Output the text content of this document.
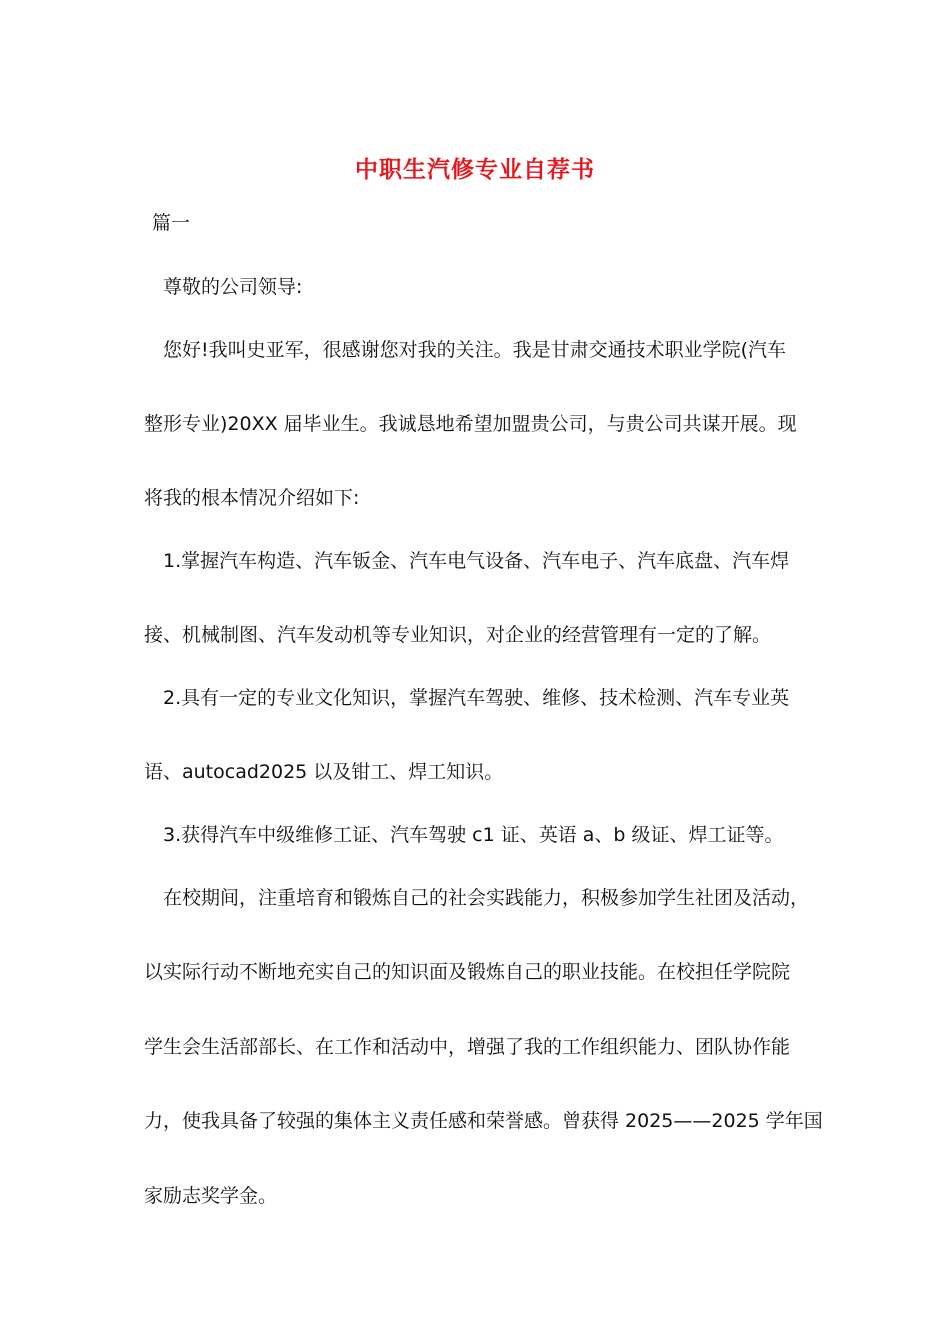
中职生汽修专业自荐书
篇一
尊敬的公司领导:
您好!我叫史亚军，很感谢您对我的关注。我是甘肃交通技术职业学院(汽车
整形专业)20XX 届毕业生。我诚恳地希望加盟贵公司，与贵公司共谋开展。现
将我的根本情况介绍如下:
1.掌握汽车构造、汽车钣金、汽车电气设备、汽车电子、汽车底盘、汽车焊
接、机械制图、汽车发动机等专业知识，对企业的经营管理有一定的了解。
2.具有一定的专业文化知识，掌握汽车驾驶、维修、技术检测、汽车专业英
语、autocad2025 以及钳工、焊工知识。
3.获得汽车中级维修工证、汽车驾驶 c1 证、英语 a、b 级证、焊工证等。
在校期间，注重培育和锻炼自己的社会实践能力，积极参加学生社团及活动，
以实际行动不断地充实自己的知识面及锻炼自己的职业技能。在校担任学院院
学生会生活部部长、在工作和活动中，增强了我的工作组织能力、团队协作能
力，使我具备了较强的集体主义责任感和荣誉感。曾获得 2025——2025 学年国
家励志奖学金。
